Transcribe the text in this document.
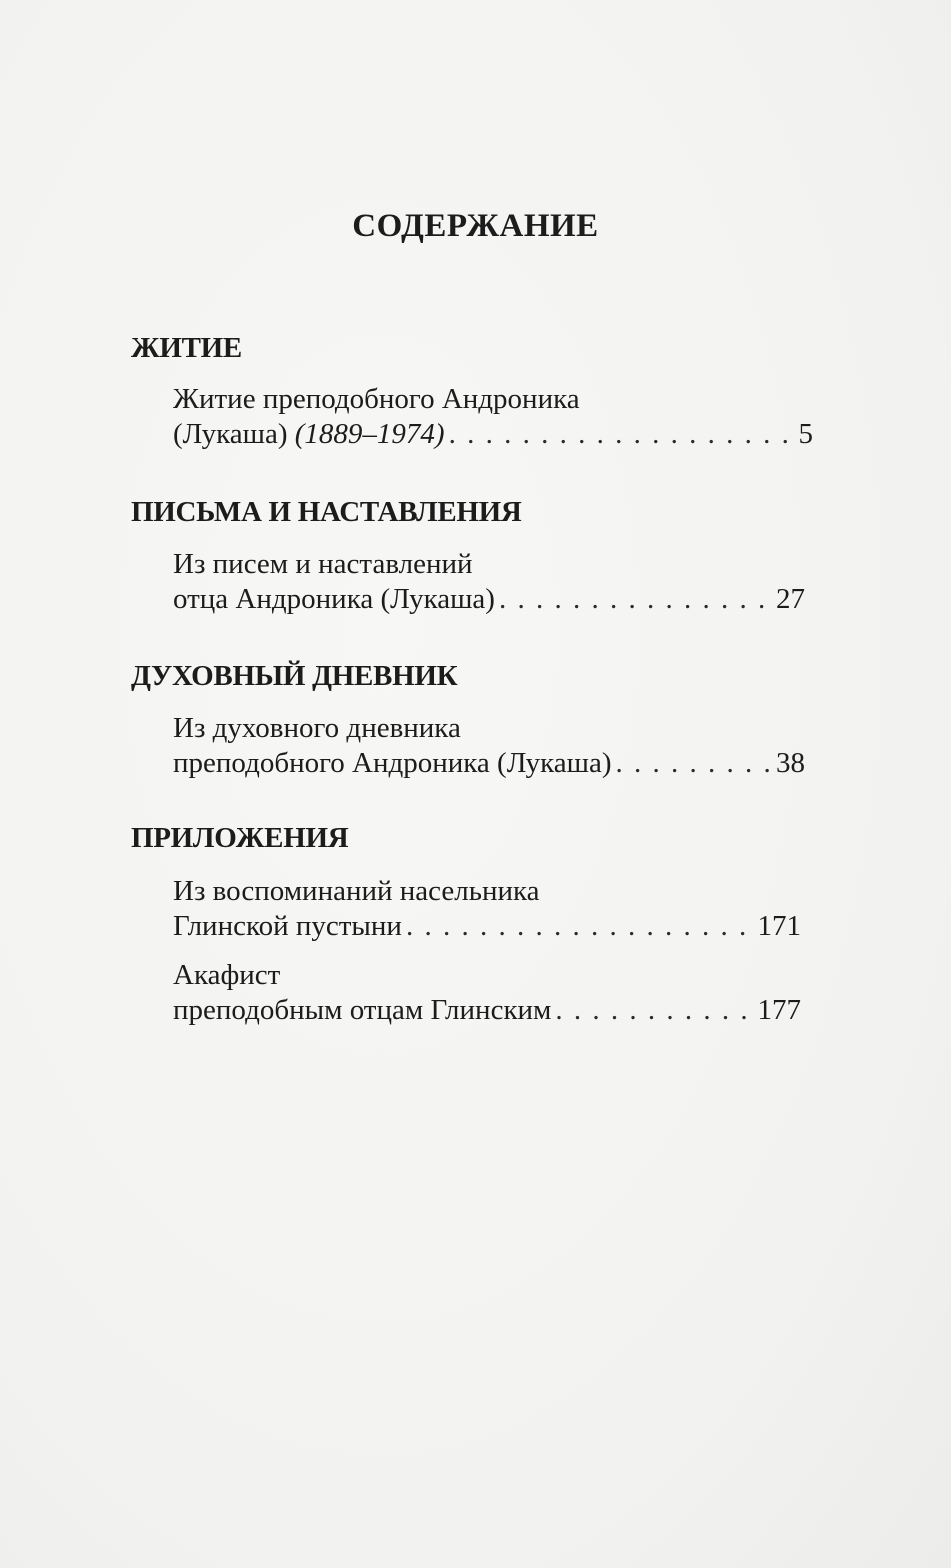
СОДЕРЖАНИЕ
ЖИТИЕ
Житие преподобного Андроника
(Лукаша) (1889–1974) . . .	5
ПИСЬМА И НАСТАВЛЕНИЯ
Из писем и наставлений
отца Андроника (Лукаша) . . .	27
ДУХОВНЫЙ ДНЕВНИК
Из духовного дневника
преподобного Андроника (Лукаша) . . .	38
ПРИЛОЖЕНИЯ
Из воспоминаний насельника
Глинской пустыни . . .	171
Акафист
преподобным отцам Глинским . . .	177
